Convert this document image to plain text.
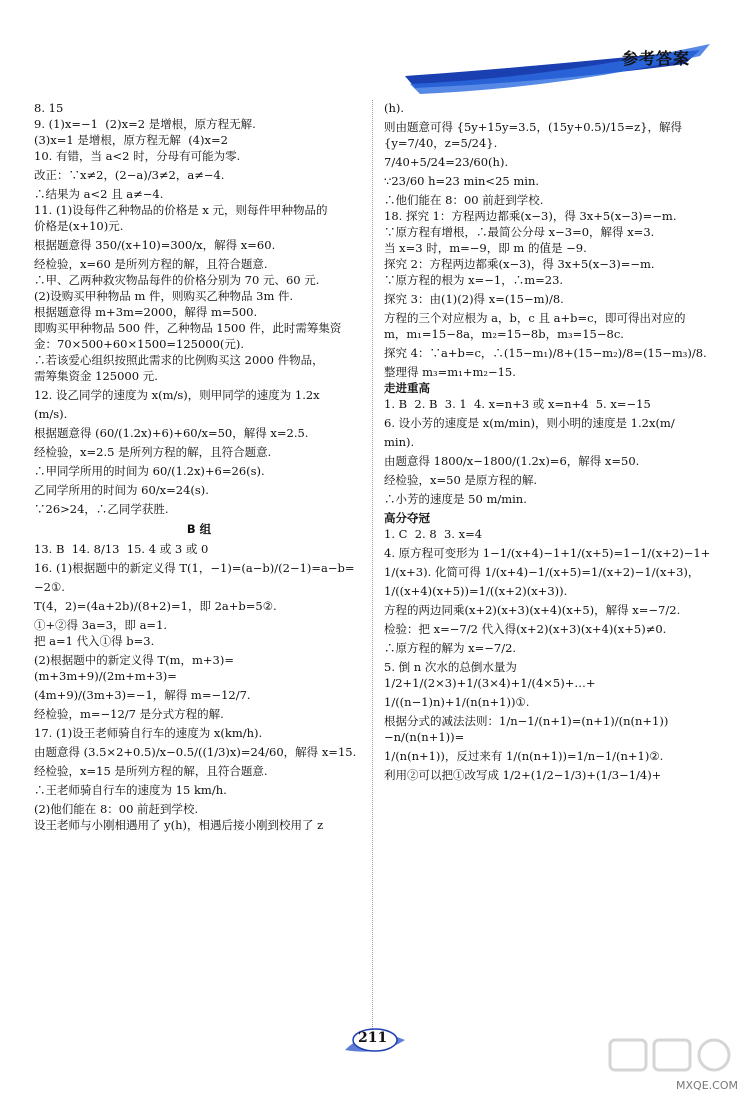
参考答案
8. 15
9. (1)x=−1  (2)x=2 是增根，原方程无解.
(3)x=1 是增根，原方程无解  (4)x=2
10. 有错，当 a<2 时，分母有可能为零.
改正：∵x≠2，(2−a)/3≠2，a≠−4.
∴结果为 a<2 且 a≠−4.
11. (1)设每件乙种物品的价格是 x 元，则每件甲种物品的
价格是(x+10)元.
根据题意得 350/(x+10)=300/x，解得 x=60.
经检验，x=60 是所列方程的解，且符合题意.
∴甲、乙两种救灾物品每件的价格分别为 70 元、60 元.
(2)设购买甲种物品 m 件，则购买乙种物品 3m 件.
根据题意得 m+3m=2000，解得 m=500.
即购买甲种物品 500 件，乙种物品 1500 件，此时需筹集资
金：70×500+60×1500=125000(元).
∴若该爱心组织按照此需求的比例购买这 2000 件物品，
需筹集资金 125000 元.
12. 设乙同学的速度为 x(m/s)，则甲同学的速度为 1.2x
(m/s).
根据题意得 (60/(1.2x)+6)+60/x=50，解得 x=2.5.
经检验，x=2.5 是所列方程的解，且符合题意.
∴甲同学所用的时间为 60/(1.2x)+6=26(s).
乙同学所用的时间为 60/x=24(s).
∵26>24，∴乙同学获胜.
B 组
13. B  14. 8/13  15. 4 或 3 或 0
16. (1)根据题中的新定义得 T(1，−1)=(a−b)/(2−1)=a−b=
−2①.
T(4，2)=(4a+2b)/(8+2)=1，即 2a+b=5②.
①+②得 3a=3，即 a=1.
把 a=1 代入①得 b=3.
(2)根据题中的新定义得 T(m，m+3)=(m+3m+9)/(2m+m+3)=
(4m+9)/(3m+3)=−1，解得 m=−12/7.
经检验，m=−12/7 是分式方程的解.
17. (1)设王老师骑自行车的速度为 x(km/h).
由题意得 (3.5×2+0.5)/x−0.5/((1/3)x)=24/60，解得 x=15.
经检验，x=15 是所列方程的解，且符合题意.
∴王老师骑自行车的速度为 15 km/h.
(2)他们能在 8：00 前赶到学校.
设王老师与小刚相遇用了 y(h)，相遇后接小刚到校用了 z
(h).
则由题意可得 {5y+15y=3.5，(15y+0.5)/15=z}，解得 {y=7/40，z=5/24}.
7/40+5/24=23/60(h).
∵23/60 h=23 min<25 min.
∴他们能在 8：00 前赶到学校.
18. 探究 1：方程两边都乘(x−3)，得 3x+5(x−3)=−m.
∵原方程有增根，∴最简公分母 x−3=0，解得 x=3.
当 x=3 时，m=−9，即 m 的值是 −9.
探究 2：方程两边都乘(x−3)，得 3x+5(x−3)=−m.
∵原方程的根为 x=−1，∴m=23.
探究 3：由(1)(2)得 x=(15−m)/8.
方程的三个对应根为 a，b，c 且 a+b=c，即可得出对应的
m，m₁=15−8a，m₂=15−8b，m₃=15−8c.
探究 4：∵a+b=c，∴(15−m₁)/8+(15−m₂)/8=(15−m₃)/8.
整理得 m₃=m₁+m₂−15.
走进重高
1. B  2. B  3. 1  4. x=n+3 或 x=n+4  5. x=−15
6. 设小芳的速度是 x(m/min)，则小明的速度是 1.2x(m/
min).
由题意得 1800/x−1800/(1.2x)=6，解得 x=50.
经检验，x=50 是原方程的解.
∴小芳的速度是 50 m/min.
高分夺冠
1. C  2. 8  3. x=4
4. 原方程可变形为 1−1/(x+4)−1+1/(x+5)=1−1/(x+2)−1+
1/(x+3). 化简可得 1/(x+4)−1/(x+5)=1/(x+2)−1/(x+3)，
1/((x+4)(x+5))=1/((x+2)(x+3)).
方程的两边同乘(x+2)(x+3)(x+4)(x+5)，解得 x=−7/2.
检验：把 x=−7/2 代入得(x+2)(x+3)(x+4)(x+5)≠0.
∴原方程的解为 x=−7/2.
5. 倒 n 次水的总倒水量为 1/2+1/(2×3)+1/(3×4)+1/(4×5)+…+
1/((n−1)n)+1/(n(n+1))①.
根据分式的减法法则：1/n−1/(n+1)=(n+1)/(n(n+1))−n/(n(n+1))=
1/(n(n+1))，反过来有 1/(n(n+1))=1/n−1/(n+1)②.
利用②可以把①改写成 1/2+(1/2−1/3)+(1/3−1/4)+
211
MXQE.COM
